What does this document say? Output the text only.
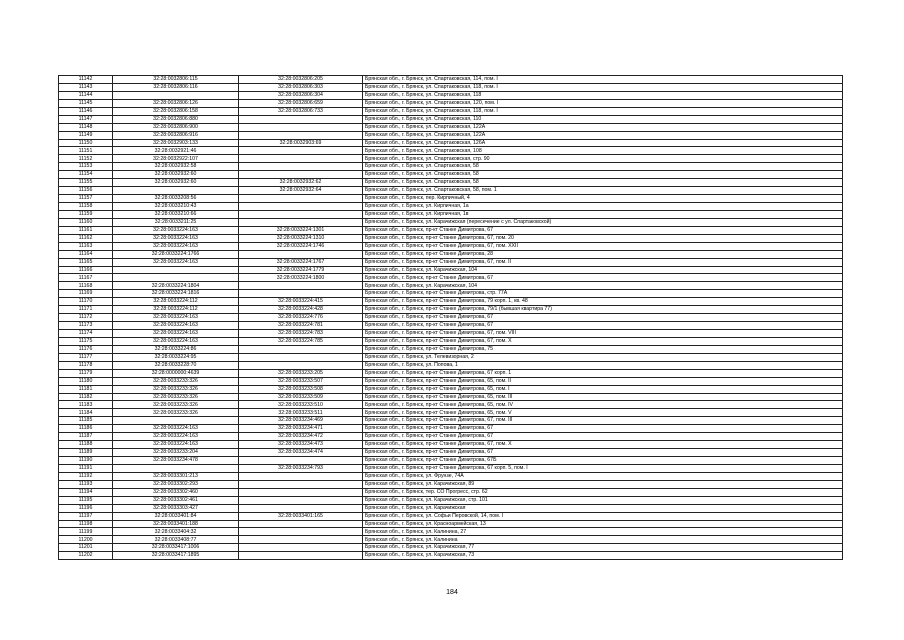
11142	32:28:0032806:115	32:28:0032806:205	Брянская обл., г. Брянск, ул. Спартаковская, 114, пом. I
11143	32:28:0032806:116	32:28:0032806:303	Брянская обл., г. Брянск, ул. Спартаковская, 118, пом. I
11144		32:28:0032806:304	Брянская обл., г. Брянск, ул. Спартаковская, 118
11145	32:28:0032806:126	32:28:0032806:659	Брянская обл., г. Брянск, ул. Спартаковская, 120, пом. I
11146	32:28:0032806:158	32:28:0032806:733	Брянская обл., г. Брянск, ул. Спартаковская, 118, пом. I
11147	32:28:0032806:880		Брянская обл., г. Брянск, ул. Спартаковская, 110
11148	32:28:0032806:900		Брянская обл., г. Брянск, ул. Спартаковская, 122А
11149	32:28:0032806:916		Брянская обл., г. Брянск, ул. Спартаковская, 122А
11150	32:28:0032903:133	32:28:0032903:69	Брянская обл., г. Брянск, ул. Спартаковская, 126А
11151	32:28:0032921:46		Брянская обл., г. Брянск, ул. Спартаковская, 108
11152	32:28:0032922:107		Брянская обл., г. Брянск, ул. Спартаковская, стр. 90
11153	32:28:0032932:58		Брянская обл., г. Брянск, ул. Спартаковская, 58
11154	32:28:0032932:60		Брянская обл., г. Брянск, ул. Спартаковская, 58
11155	32:28:0032932:60	32:28:0032932:62	Брянская обл., г. Брянск, ул. Спартаковская, 58
11156		32:28:0032932:64	Брянская обл., г. Брянск, ул. Спартаковская, 58, пом. 1
11157	32:28:0033208:56		Брянская обл., г. Брянск, пер. Кирпичный, 4
11158	32:28:0033210:43		Брянская обл., г. Брянск, ул. Кирпичная, 1а
11159	32:28:0033210:66		Брянская обл., г. Брянск, ул. Кирпичная, 1в
11160	32:28:0033211:25		Брянская обл., г. Брянск, ул. Карачижская (пересечение с ул. Спартаковской)
11161	32:28:0033224:163	32:28:0033224:1301	Брянская обл., г. Брянск, пр-кт Станке Димитрова, 67
11162	32:28:0033224:163	32:28:0033224:1310	Брянская обл., г. Брянск, пр-кт Станке Димитрова, 67, пом. 20
11163	32:28:0033224:163	32:28:0033224:1746	Брянская обл., г. Брянск, пр-кт Станке Димитрова, 67, пом. XXII
11164	32:28:0033224:1766		Брянская обл., г. Брянск, пр-кт Станке Димитрова, 28
11165	32:28:0033224:163	32:28:0033224:1767	Брянская обл., г. Брянск, пр-кт Станке Димитрова, 67, пом. II
11166		32:28:0033224:1779	Брянская обл., г. Брянск, ул. Карачижская, 104
11167		32:28:0033224:1800	Брянская обл., г. Брянск, пр-кт Станке Димитрова, 67
11168	32:28:0033224:1804		Брянская обл., г. Брянск, ул. Карачижская, 104
11169	32:28:0033224:1816		Брянская обл., г. Брянск, пр-кт Станке Димитрова, стр. 77А
11170	32:28:0033224:112	32:28:0033224:415	Брянская обл., г. Брянск, пр-кт Станке Димитрова, 79 корп. 1, кв. 48
11171	32:28:0033224:112	32:28:0033224:428	Брянская обл., г. Брянск, пр-кт Станке Димитрова, 79/1 (бывшая квартира 77)
11172	32:28:0033224:163	32:28:0033224:776	Брянская обл., г. Брянск, пр-кт Станке Димитрова, 67
11173	32:28:0033224:163	32:28:0033224:781	Брянская обл., г. Брянск, пр-кт Станке Димитрова, 67
11174	32:28:0033224:163	32:28:0033224:783	Брянская обл., г. Брянск, пр-кт Станке Димитрова, 67, пом. VIII
11175	32:28:0033224:163	32:28:0033224:785	Брянская обл., г. Брянск, пр-кт Станке Димитрова, 67, пом. X
11176	32:28:0033224:86		Брянская обл., г. Брянск, пр-кт Станке Димитрова, 75
11177	32:28:0033224:95		Брянская обл., г. Брянск, ул. Телевизорная, 2
11178	32:28:0033228:70		Брянская обл., г. Брянск, ул. Поповa, 1
11179	32:28:0000000:4639	32:28:0033233:205	Брянская обл., г. Брянск, пр-кт Станке Димитрова, 67 корп. 1
11180	32:28:0033233:326	32:28:0033233:507	Брянская обл., г. Брянск, пр-кт Станке Димитрова, 65, пом. II
11181	32:28:0033233:326	32:28:0033233:508	Брянская обл., г. Брянск, пр-кт Станке Димитрова, 65, пом. I
11182	32:28:0033233:326	32:28:0033233:509	Брянская обл., г. Брянск, пр-кт Станке Димитрова, 65, пом. III
11183	32:28:0033233:326	32:28:0033233:510	Брянская обл., г. Брянск, пр-кт Станке Димитрова, 65, пом. IV
11184	32:28:0033233:326	32:28:0033233:511	Брянская обл., г. Брянск, пр-кт Станке Димитрова, 65, пом. V
11185		32:28:0033234:469	Брянская обл., г. Брянск, пр-кт Станке Димитрова, 67, пом. III
11186	32:28:0033224:163	32:28:0033234:471	Брянская обл., г. Брянск, пр-кт Станке Димитрова, 67
11187	32:28:0033224:163	32:28:0033234:472	Брянская обл., г. Брянск, пр-кт Станке Димитрова, 67
11188	32:28:0033224:163	32:28:0033234:473	Брянская обл., г. Брянск, пр-кт Станке Димитрова, 67, пом. X
11189	32:28:0033233:204	32:28:0033234:474	Брянская обл., г. Брянск, пр-кт Станке Димитрова, 67
11190	32:28:0033234:478		Брянская обл., г. Брянск, пр-кт Станке Димитрова, 67Б
11191		32:28:0033234:793	Брянская обл., г. Брянск, пр-кт Станке Димитрова, 67 корп. 5, пом. I
11192	32:28:0033301:213		Брянская обл., г. Брянск, ул. Фрунзе, 74А
11193	32:28:0033302:293		Брянская обл., г. Брянск, ул. Карачижская, 89
11194	32:28:0033302:460		Брянская обл., г. Брянск, тер. СО Прогресс, стр. 62
11195	32:28:0033302:461		Брянская обл., г. Брянск, ул. Карачижская, стр. 101
11196	32:28:0033303:427		Брянская обл., г. Брянск, ул. Карачижская
11197	32:28:0033401:84	32:28:0033401:165	Брянская обл., г. Брянск, ул. Софьи Перовской, 14, пом. I
11198	32:28:0033401:188		Брянская обл., г. Брянск, ул. Красноармейская, 13
11199	32:28:0033404:32		Брянская обл., г. Брянск, ул. Калинина, 27
11200	32:28:0033408:77		Брянская обл., г. Брянск, ул. Калинина
11201	32:28:0033417:1006		Брянская обл., г. Брянск, ул. Карачижская, 77
11202	32:28:0033417:1895		Брянская обл., г. Брянск, ул. Карачижская, 73
184
